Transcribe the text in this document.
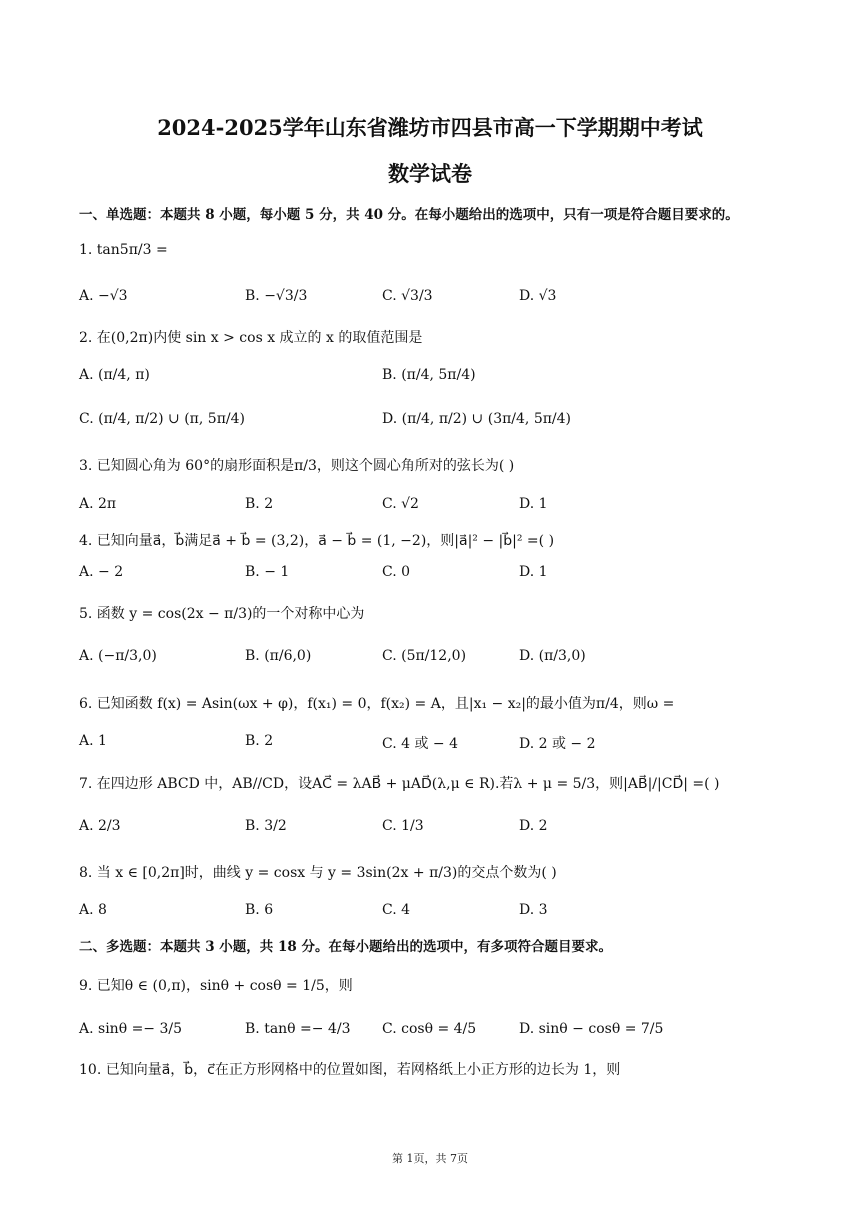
2024-2025学年山东省潍坊市四县市高一下学期期中考试
数学试卷
一、单选题：本题共 8 小题，每小题 5 分，共 40 分。在每小题给出的选项中，只有一项是符合题目要求的。
1. tan5π/3 =
A. −√3	B. −√3/3	C. √3/3	D. √3
2. 在(0,2π)内使 sin x > cos x 成立的 x 的取值范围是
A. (π/4, π)	B. (π/4, 5π/4)
C. (π/4, π/2) ∪ (π, 5π/4)	D. (π/4, π/2) ∪ (3π/4, 5π/4)
3. 已知圆心角为 60°的扇形面积是π/3，则这个圆心角所对的弦长为( )
A. 2π	B. 2	C. √2	D. 1
4. 已知向量a⃗，b⃗满足a⃗ + b⃗ = (3,2)，a⃗ − b⃗ = (1, −2)，则|a⃗|² − |b⃗|² =( )
A. − 2	B. − 1	C. 0	D. 1
5. 函数 y = cos(2x − π/3)的一个对称中心为
A. (−π/3,0)	B. (π/6,0)	C. (5π/12,0)	D. (π/3,0)
6. 已知函数 f(x) = Asin(ωx + φ)，f(x₁) = 0，f(x₂) = A，且|x₁ − x₂|的最小值为π/4，则ω =
A. 1	B. 2	C. 4 或 − 4	D. 2 或 − 2
7. 在四边形 ABCD 中，AB//CD，设AC⃗ = λAB⃗ + μAD⃗(λ,μ ∈ R).若λ + μ = 5/3，则|AB⃗|/|CD⃗| =( )
A. 2/3	B. 3/2	C. 1/3	D. 2
8. 当 x ∈ [0,2π]时，曲线 y = cosx 与 y = 3sin(2x + π/3)的交点个数为( )
A. 8	B. 6	C. 4	D. 3
二、多选题：本题共 3 小题，共 18 分。在每小题给出的选项中，有多项符合题目要求。
9. 已知θ ∈ (0,π)，sinθ + cosθ = 1/5，则
A. sinθ =− 3/5	B. tanθ =− 4/3 C. cosθ = 4/5	D. sinθ − cosθ = 7/5
10. 已知向量a⃗，b⃗，c⃗在正方形网格中的位置如图，若网格纸上小正方形的边长为 1，则
第 1页，共 7页
